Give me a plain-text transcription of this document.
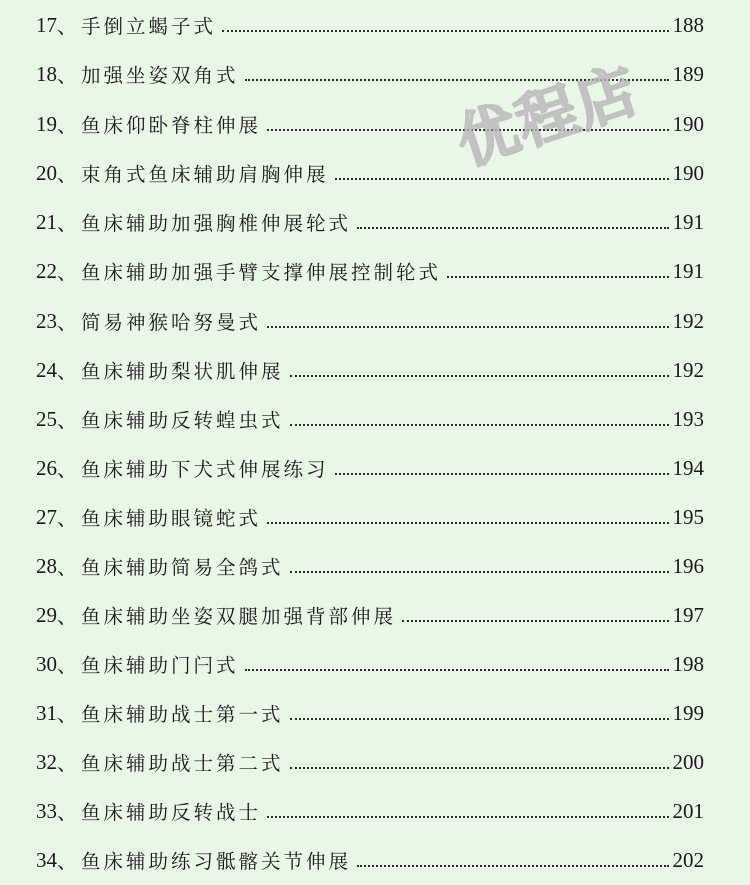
17 、 手倒立蝎子式	188
18 、 加强坐姿双角式	189
19 、 鱼床仰卧脊柱伸展	190
20 、 束角式鱼床辅助肩胸伸展	190
21 、 鱼床辅助加强胸椎伸展轮式	191
22 、 鱼床辅助加强手臂支撑伸展控制轮式	191
23 、 简易神猴哈努曼式	192
24 、 鱼床辅助梨状肌伸展	192
25 、 鱼床辅助反转蝗虫式	193
26 、 鱼床辅助下犬式伸展练习	194
27 、 鱼床辅助眼镜蛇式	195
28 、 鱼床辅助简易全鸽式	196
29 、 鱼床辅助坐姿双腿加强背部伸展	197
30 、 鱼床辅助门闩式	198
31 、 鱼床辅助战士第一式	199
32 、 鱼床辅助战士第二式	200
33 、 鱼床辅助反转战士	201
34 、 鱼床辅助练习骶髂关节伸展	202
优程店
